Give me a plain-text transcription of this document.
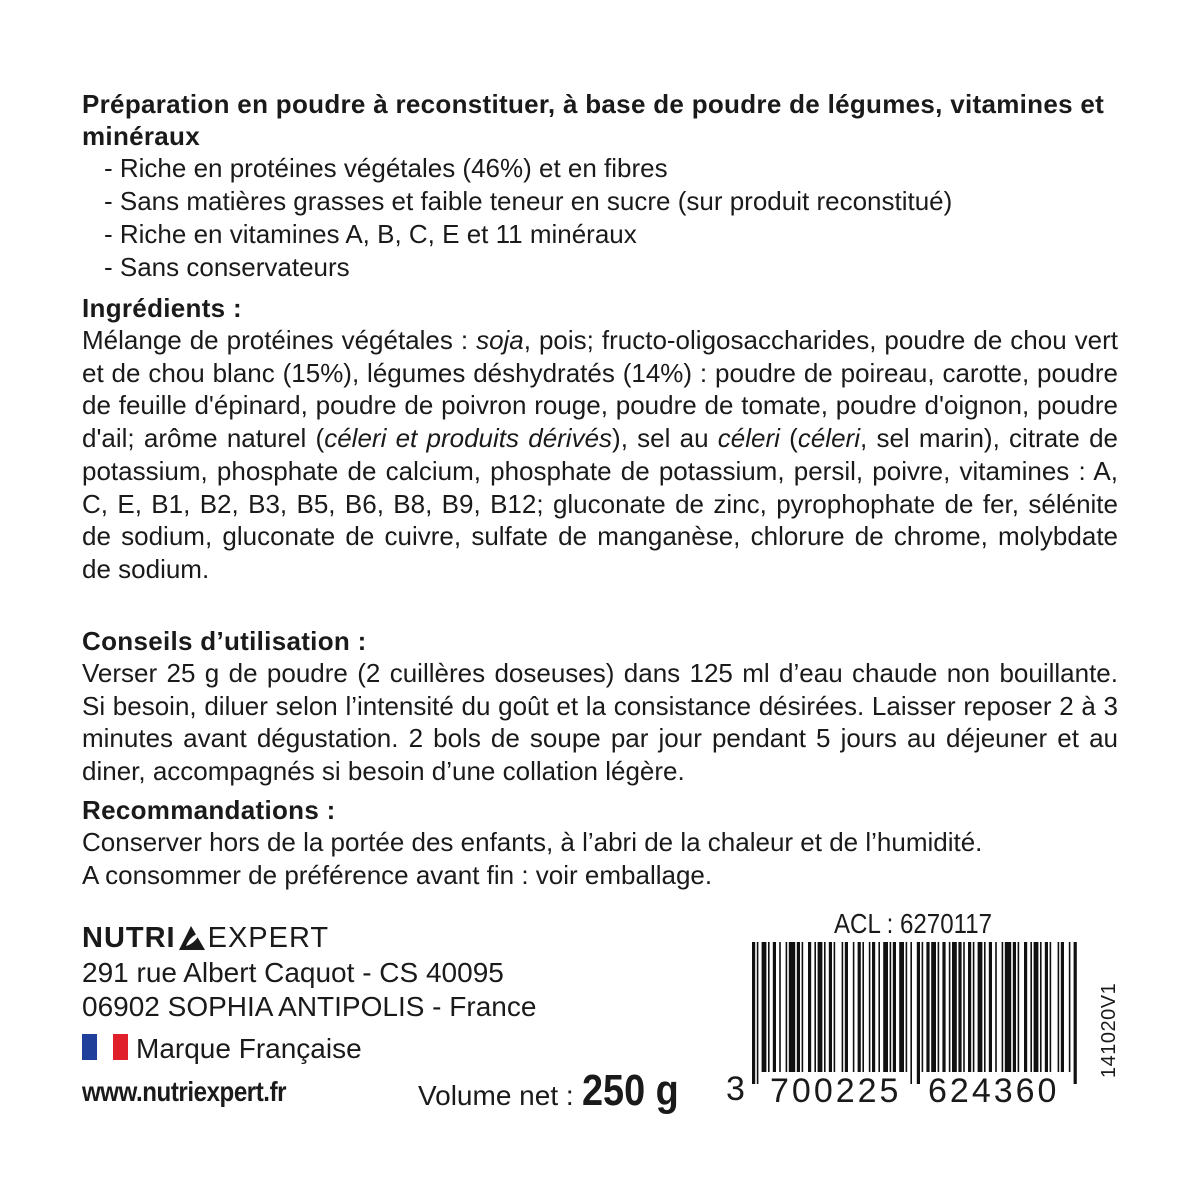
Préparation en poudre à reconstituer, à base de poudre de légumes, vitamines et minéraux
- Riche en protéines végétales (46%) et en fibres
- Sans matières grasses et faible teneur en sucre (sur produit reconstitué)
- Riche en vitamines A, B, C, E et 11 minéraux
- Sans conservateurs
Ingrédients :
Mélange de protéines végétales : soja, pois; fructo-oligosaccharides, poudre de chou vert et de chou blanc (15%), légumes déshydratés (14%) : poudre de poireau, carotte, poudre de feuille d'épinard, poudre de poivron rouge, poudre de tomate, poudre d'oignon, poudre d'ail; arôme naturel (céleri et produits dérivés), sel au céleri (céleri, sel marin), citrate de potassium, phosphate de calcium, phosphate de potassium, persil, poivre, vitamines : A, C, E, B1, B2, B3, B5, B6, B8, B9, B12; gluconate de zinc, pyrophophate de fer, sélénite de sodium, gluconate de cuivre, sulfate de manganèse, chlorure de chrome, molybdate de sodium.
Conseils d’utilisation :
Verser 25 g de poudre (2 cuillères doseuses) dans 125 ml d’eau chaude non bouillante. Si besoin, diluer selon l’intensité du goût et la consistance désirées. Laisser reposer 2 à 3 minutes avant dégustation. 2 bols de soupe par jour pendant 5 jours au déjeuner et au diner, accompagnés si besoin d’une collation légère.
Recommandations :
Conserver hors de la portée des enfants, à l’abri de la chaleur et de l’humidité.
A consommer de préférence avant fin : voir emballage.
NUTRI EXPERT
291 rue Albert Caquot - CS 40095
06902 SOPHIA ANTIPOLIS - France
Marque Française
www.nutriexpert.fr	Volume net : 250 g
ACL : 6270117
3 700225 624360
141020V1
